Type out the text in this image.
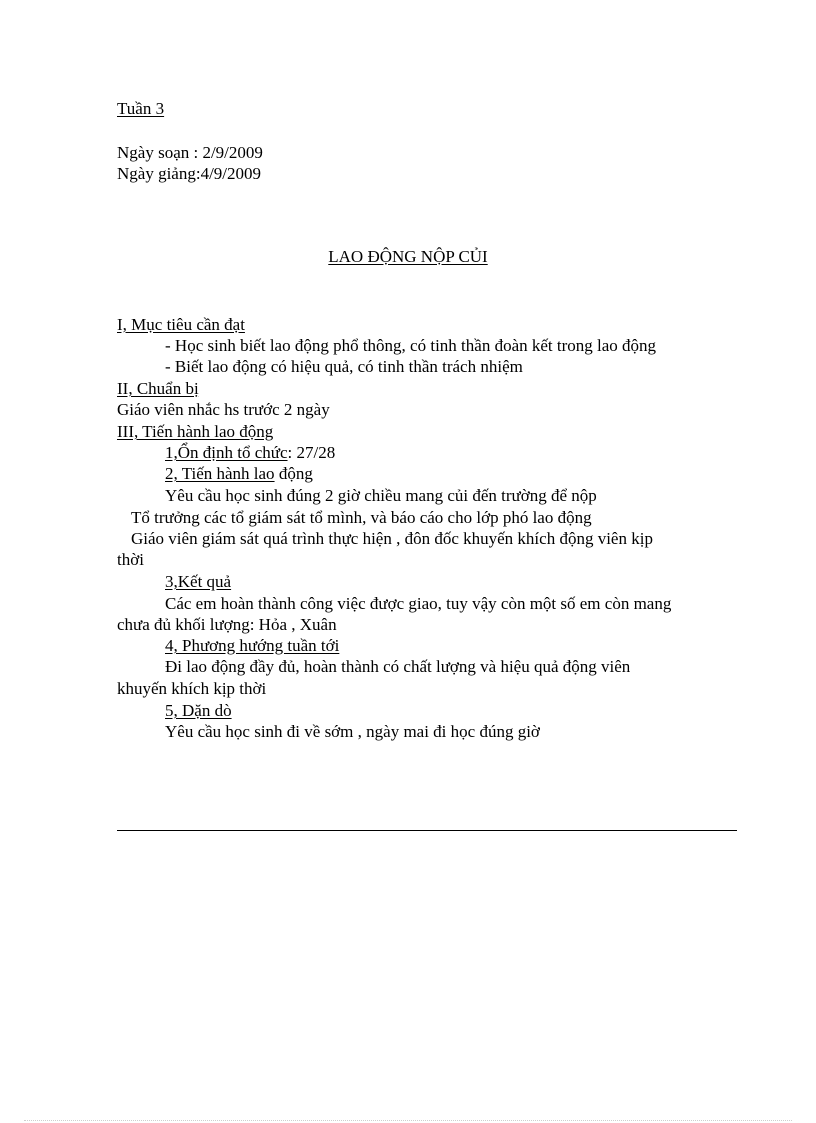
Tuần 3

Ngày soạn : 2/9/2009

Ngày giảng:4/9/2009

LAO ĐỘNG NỘP CỦI

I, Mục tiêu cần đạt

- Học sinh biết lao động phổ thông, có tinh thần đoàn kết trong lao động

- Biết lao động có hiệu quả, có tinh thần trách nhiệm

II, Chuẩn bị

Giáo viên nhắc hs trước 2 ngày

III, Tiến hành lao động

1,Ổn định tổ chức: 27/28

2, Tiến hành lao động

Yêu cầu học sinh đúng 2 giờ chiều mang củi đến trường để nộp

Tổ trưởng các tổ giám sát tổ mình, và báo cáo cho lớp phó lao động

Giáo viên giám sát quá trình thực hiện , đôn đốc khuyến khích động viên kịp

thời

3,Kết quả

Các em hoàn thành công việc được giao, tuy vậy còn một số em còn mang

chưa đủ khối lượng: Hỏa , Xuân

4, Phương hướng tuần tới

Đi lao động đầy đủ, hoàn thành có chất lượng và hiệu quả động viên

khuyến khích kịp thời

5, Dặn dò

Yêu cầu học sinh đi về sớm , ngày mai đi học đúng giờ
